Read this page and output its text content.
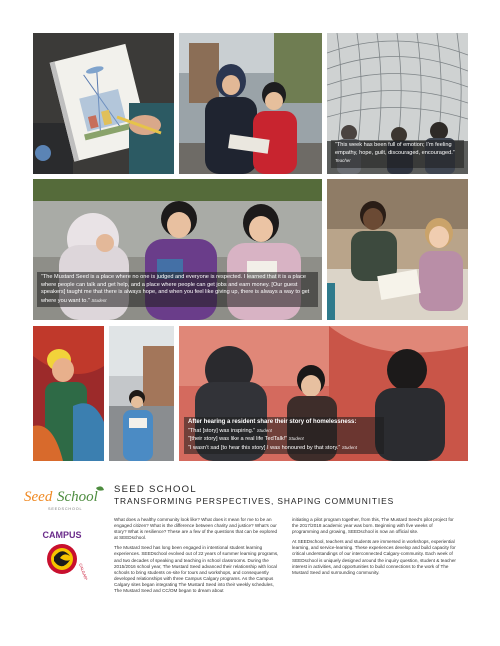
“This week has been full of emotion; I’m feeling empathy, hope, guilt, discouraged, encouraged.” Teacher
“The Mustard Seed is a place where no one is judged and everyone is respected. I learned that it is a place where people can talk and get help, and a place where people can get jobs and earn money. [Our guest speakers] taught me that there is always hope, and when you feel like giving up, there is always a way to get where you want to.” Student
After hearing a resident share their story of homelessness:
“That [story] was inspiring.” Student
“[their story] was like a real life TedTalk!” Student
“I wasn’t sad [to hear this story] I was honoured by that story.” Student
Seed School
SEEDSCHOOL
CAMPUS
CALGARY
SEED SCHOOL
TRANSFORMING PERSPECTIVES, SHAPING COMMUNITIES

What does a healthy community look like? What does it mean for me to be an engaged citizen? What is the difference between charity and justice? What’s our story? What is resilience? These are a few of the questions that can be explored at SEEDschool.

The Mustard Seed has long been engaged in intentional student learning experiences. SEEDschool evolved out of 22 years of summer learning programs, and two decades of speaking and teaching in school classrooms. During the 2015/2016 school year, The Mustard Seed advanced their relationship with local schools to bring students on-site for tours and workshops, and consequently developed relationships with three Campus Calgary programs. As the Campus Calgary sites began integrating The Mustard Seed into their weekly schedules, The Mustard Seed and CC/OM began to dream about

initiating a pilot program together, from this, The Mustard Seed’s pilot project for the 2017/2018 academic year was born. Beginning with five weeks of programming and growing, SEEDschool is now an official site.

At SEEDschool, teachers and students are immersed in workshops, experiential learning, and service-learning. These experiences develop and build capacity for critical understandings of our interconnected Calgary-community. Each week of SEEDschool is uniquely designed around the inquiry question, student & teacher interest in activities, and opportunities to build connections to the work of The Mustard Seed and surrounding community.
